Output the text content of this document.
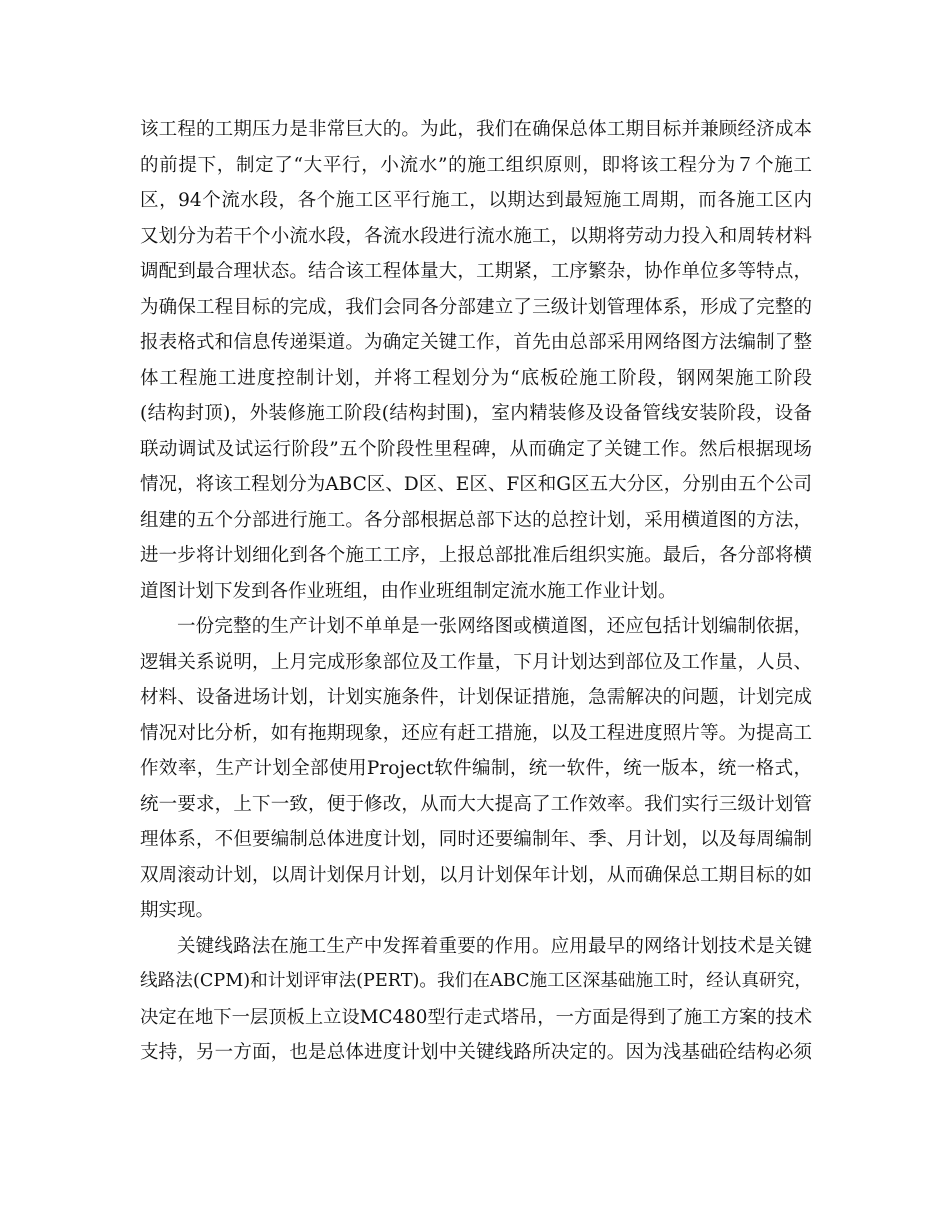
该工程的工期压力是非常巨大的。为此，我们在确保总体工期目标并兼顾经济成本
的前提下，制定了“大平行，小流水”的施工组织原则，即将该工程分为７个施工
区，94个流水段，各个施工区平行施工，以期达到最短施工周期，而各施工区内
又划分为若干个小流水段，各流水段进行流水施工，以期将劳动力投入和周转材料
调配到最合理状态。结合该工程体量大，工期紧，工序繁杂，协作单位多等特点，
为确保工程目标的完成，我们会同各分部建立了三级计划管理体系，形成了完整的
报表格式和信息传递渠道。为确定关键工作，首先由总部采用网络图方法编制了整
体工程施工进度控制计划，并将工程划分为“底板砼施工阶段，钢网架施工阶段
(结构封顶)，外装修施工阶段(结构封围)，室内精装修及设备管线安装阶段，设备
联动调试及试运行阶段”五个阶段性里程碑，从而确定了关键工作。然后根据现场
情况，将该工程划分为ABC区、D区、E区、F区和G区五大分区，分别由五个公司
组建的五个分部进行施工。各分部根据总部下达的总控计划，采用横道图的方法，
进一步将计划细化到各个施工工序，上报总部批准后组织实施。最后，各分部将横
道图计划下发到各作业班组，由作业班组制定流水施工作业计划。
一份完整的生产计划不单单是一张网络图或横道图，还应包括计划编制依据，
逻辑关系说明，上月完成形象部位及工作量，下月计划达到部位及工作量，人员、
材料、设备进场计划，计划实施条件，计划保证措施，急需解决的问题，计划完成
情况对比分析，如有拖期现象，还应有赶工措施，以及工程进度照片等。为提高工
作效率，生产计划全部使用Project软件编制，统一软件，统一版本，统一格式，
统一要求，上下一致，便于修改，从而大大提高了工作效率。我们实行三级计划管
理体系，不但要编制总体进度计划，同时还要编制年、季、月计划，以及每周编制
双周滚动计划，以周计划保月计划，以月计划保年计划，从而确保总工期目标的如
期实现。
关键线路法在施工生产中发挥着重要的作用。应用最早的网络计划技术是关键
线路法(CPM)和计划评审法(PERT)。我们在ABC施工区深基础施工时，经认真研究，
决定在地下一层顶板上立设MC480型行走式塔吊，一方面是得到了施工方案的技术
支持，另一方面，也是总体进度计划中关键线路所决定的。因为浅基础砼结构必须
